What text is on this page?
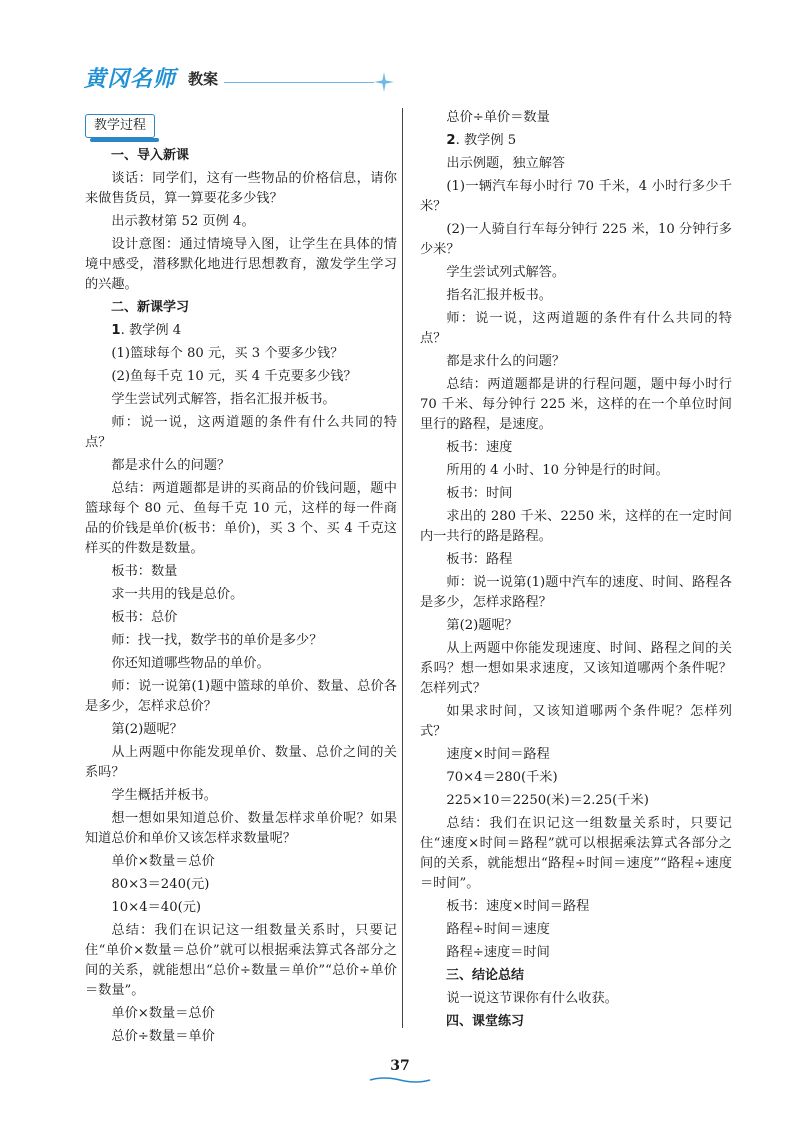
黄冈名师 教案
教学过程

一、导入新课

谈话：同学们，这有一些物品的价格信息，请你来做售货员，算一算要花多少钱？

出示教材第 52 页例 4。

设计意图：通过情境导入图，让学生在具体的情境中感受，潜移默化地进行思想教育，激发学生学习的兴趣。

二、新课学习

1. 教学例 4

(1)篮球每个 80 元，买 3 个要多少钱？

(2)鱼每千克 10 元，买 4 千克要多少钱？

学生尝试列式解答，指名汇报并板书。

师：说一说，这两道题的条件有什么共同的特点？

都是求什么的问题？

总结：两道题都是讲的买商品的价钱问题，题中篮球每个 80 元、鱼每千克 10 元，这样的每一件商品的价钱是单价(板书：单价)，买 3 个、买 4 千克这样买的件数是数量。

板书：数量

求一共用的钱是总价。

板书：总价

师：找一找，数学书的单价是多少？

你还知道哪些物品的单价。

师：说一说第(1)题中篮球的单价、数量、总价各是多少，怎样求总价？

第(2)题呢？

从上两题中你能发现单价、数量、总价之间的关系吗？

学生概括并板书。

想一想如果知道总价、数量怎样求单价呢？如果知道总价和单价又该怎样求数量呢？

单价×数量＝总价

80×3＝240(元)

10×4＝40(元)

总结：我们在识记这一组数量关系时，只要记住“单价×数量＝总价”就可以根据乘法算式各部分之间的关系，就能想出“总价÷数量＝单价”“总价÷单价＝数量”。

单价×数量＝总价

总价÷数量＝单价

总价÷单价＝数量

2. 教学例 5

出示例题，独立解答

(1)一辆汽车每小时行 70 千米，4 小时行多少千米？

(2)一人骑自行车每分钟行 225 米，10 分钟行多少米？

学生尝试列式解答。

指名汇报并板书。

师：说一说，这两道题的条件有什么共同的特点？

都是求什么的问题？

总结：两道题都是讲的行程问题，题中每小时行 70 千米、每分钟行 225 米，这样的在一个单位时间里行的路程，是速度。

板书：速度

所用的 4 小时、10 分钟是行的时间。

板书：时间

求出的 280 千米、2250 米，这样的在一定时间内一共行的路是路程。

板书：路程

师：说一说第(1)题中汽车的速度、时间、路程各是多少，怎样求路程？

第(2)题呢？

从上两题中你能发现速度、时间、路程之间的关系吗？想一想如果求速度，又该知道哪两个条件呢？怎样列式？

如果求时间，又该知道哪两个条件呢？怎样列式？

速度×时间＝路程

70×4＝280(千米)

225×10＝2250(米)＝2.25(千米)

总结：我们在识记这一组数量关系时，只要记住“速度×时间＝路程”就可以根据乘法算式各部分之间的关系，就能想出“路程÷时间＝速度”“路程÷速度＝时间”。

板书：速度×时间＝路程

路程÷时间＝速度

路程÷速度＝时间

三、结论总结

说一说这节课你有什么收获。

四、课堂练习

37
